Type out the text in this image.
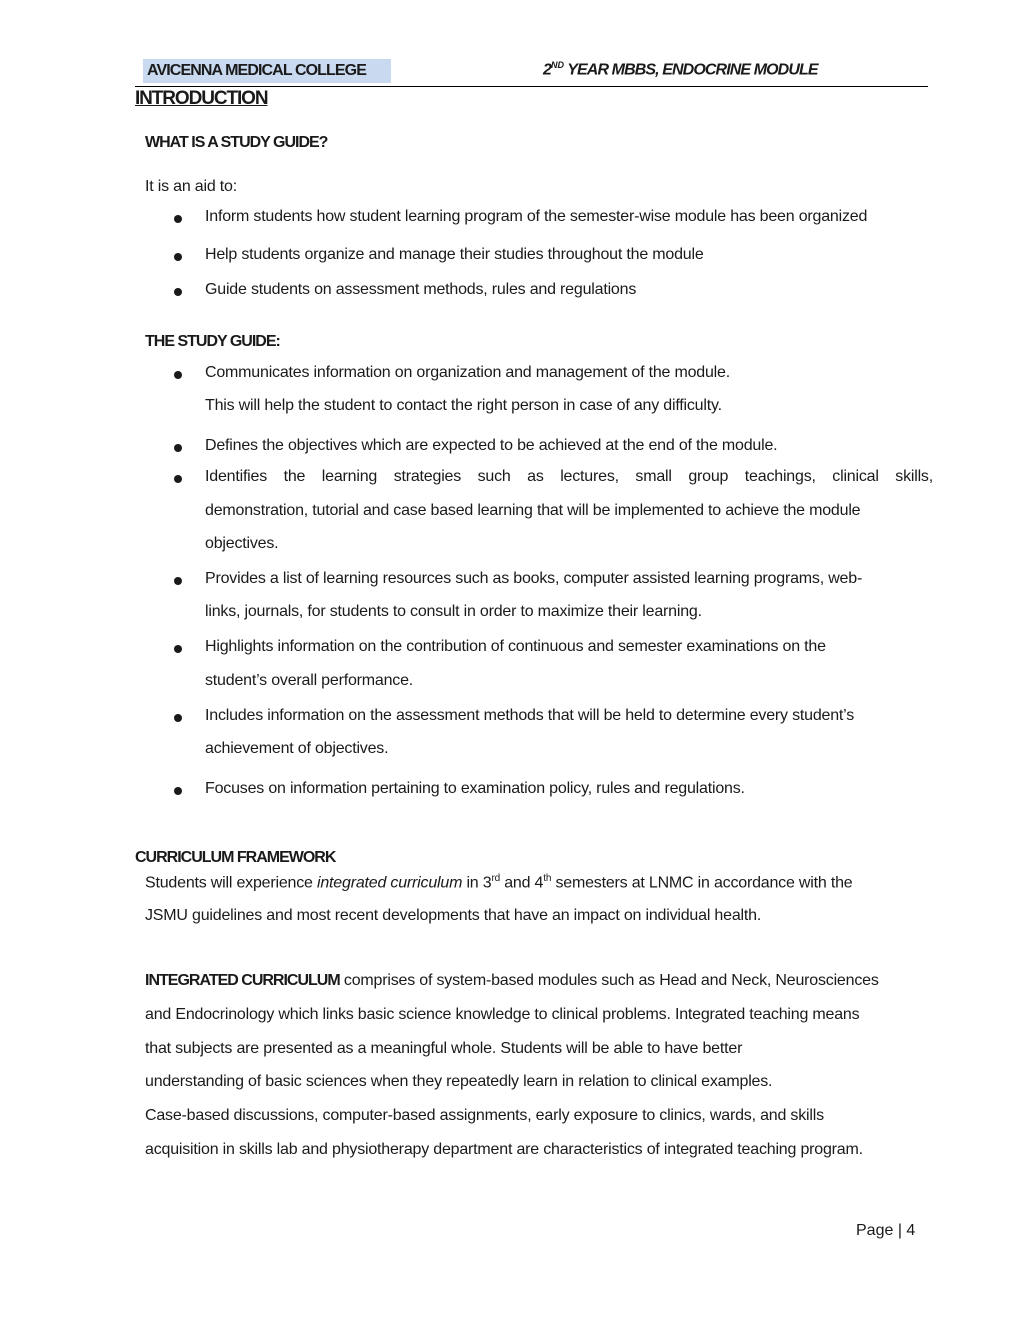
AVICENNA MEDICAL COLLEGE	2ND YEAR MBBS, ENDOCRINE MODULE
INTRODUCTION
WHAT IS A STUDY GUIDE?
It is an aid to:
Inform students how student learning program of the semester-wise module has been organized
Help students organize and manage their studies throughout the module
Guide students on assessment methods, rules and regulations
THE STUDY GUIDE:
Communicates information on organization and management of the module.
This will help the student to contact the right person in case of any difficulty.
Defines the objectives which are expected to be achieved at the end of the module.
Identifies the learning strategies such as lectures, small group teachings, clinical skills,
demonstration, tutorial and case based learning that will be implemented to achieve the module
objectives.
Provides a list of learning resources such as books, computer assisted learning programs, web-
links, journals, for students to consult in order to maximize their learning.
Highlights information on the contribution of continuous and semester examinations on the
student’s overall performance.
Includes information on the assessment methods that will be held to determine every student’s
achievement of objectives.
Focuses on information pertaining to examination policy, rules and regulations.
CURRICULUM FRAMEWORK
Students will experience integrated curriculum in 3rd and 4th semesters at LNMC in accordance with the
JSMU guidelines and most recent developments that have an impact on individual health.
INTEGRATED CURRICULUM comprises of system-based modules such as Head and Neck, Neurosciences
and Endocrinology which links basic science knowledge to clinical problems. Integrated teaching means
that subjects are presented as a meaningful whole. Students will be able to have better
understanding of basic sciences when they repeatedly learn in relation to clinical examples.
Case-based discussions, computer-based assignments, early exposure to clinics, wards, and skills
acquisition in skills lab and physiotherapy department are characteristics of integrated teaching program.
Page | 4
